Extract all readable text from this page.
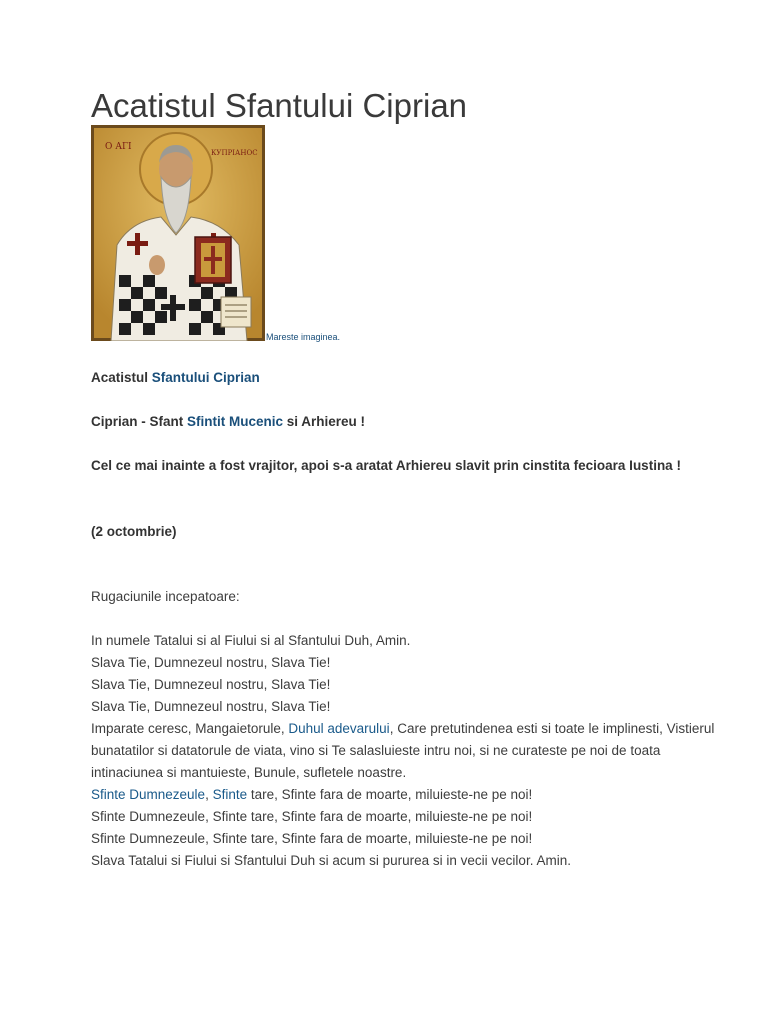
Acatistul Sfantului Ciprian
О АГІ
КУПРІАНОС
Mareste imaginea.

Acatistul Sfantului Ciprian

Ciprian - Sfant Sfintit Mucenic si Arhiereu !

Cel ce mai inainte a fost vrajitor, apoi s-a aratat Arhiereu slavit prin cinstita fecioara Iustina !

(2 octombrie)

Rugaciunile incepatoare:

In numele Tatalui si al Fiului si al Sfantului Duh, Amin.
Slava Tie, Dumnezeul nostru, Slava Tie!
Slava Tie, Dumnezeul nostru, Slava Tie!
Slava Tie, Dumnezeul nostru, Slava Tie!
Imparate ceresc, Mangaietorule, Duhul adevarului, Care pretutindenea esti si toate le implinesti, Vistierul bunatatilor si datatorule de viata, vino si Te salasluieste intru noi, si ne curateste pe noi de toata intinaciunea si mantuieste, Bunule, sufletele noastre.
Sfinte Dumnezeule, Sfinte tare, Sfinte fara de moarte, miluieste-ne pe noi!
Sfinte Dumnezeule, Sfinte tare, Sfinte fara de moarte, miluieste-ne pe noi!
Sfinte Dumnezeule, Sfinte tare, Sfinte fara de moarte, miluieste-ne pe noi!
Slava Tatalui si Fiului si Sfantului Duh si acum si pururea si in vecii vecilor. Amin.
